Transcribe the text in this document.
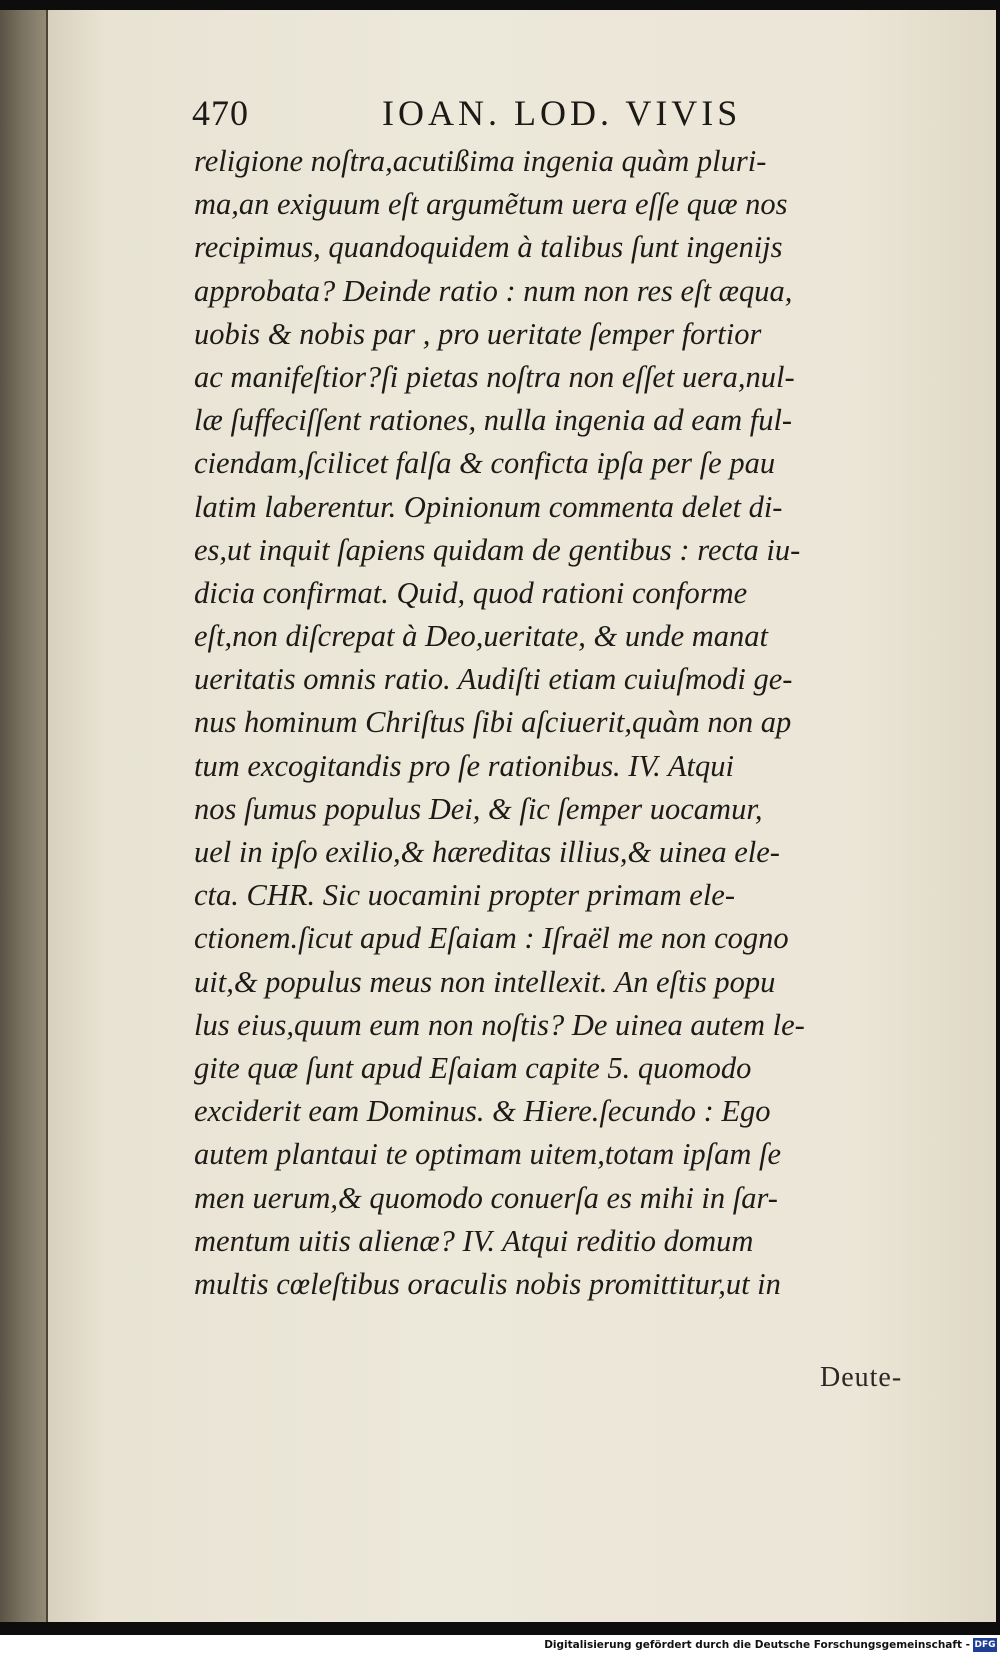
470	IOAN. LOD. VIVIS
religione noſtra,acutißima ingenia quàm pluri-
ma,an exiguum eſt argumẽtum uera eſſe quæ nos
recipimus, quandoquidem à talibus ſunt ingenijs
approbata? Deinde ratio : num non res eſt æqua,
uobis & nobis par , pro ueritate ſemper fortior
ac manifeſtior?ſi pietas noſtra non eſſet uera,nul-
læ ſuffeciſſent rationes, nulla ingenia ad eam ful-
ciendam,ſcilicet falſa & conficta ipſa per ſe pau
latim laberentur. Opinionum commenta delet di-
es,ut inquit ſapiens quidam de gentibus : recta iu-
dicia confirmat. Quid, quod rationi conforme
eſt,non diſcrepat à Deo,ueritate, & unde manat
ueritatis omnis ratio. Audiſti etiam cuiuſmodi ge-
nus hominum Chriſtus ſibi aſciuerit,quàm non ap
tum excogitandis pro ſe rationibus. IV. Atqui
nos ſumus populus Dei, & ſic ſemper uocamur,
uel in ipſo exilio,& hæreditas illius,& uinea ele-
cta. CHR. Sic uocamini propter primam ele-
ctionem.ſicut apud Eſaiam : Iſraël me non cogno
uit,& populus meus non intellexit. An eſtis popu
lus eius,quum eum non noſtis? De uinea autem le-
gite quæ ſunt apud Eſaiam capite 5. quomodo
exciderit eam Dominus. & Hiere.ſecundo : Ego
autem plantaui te optimam uitem,totam ipſam ſe
men uerum,& quomodo conuerſa es mihi in ſar-
mentum uitis alienæ? IV. Atqui reditio domum
multis cœleſtibus oraculis nobis promittitur,ut in
Deute-
Digitalisierung gefördert durch die Deutsche Forschungsgemeinschaft - DFG
